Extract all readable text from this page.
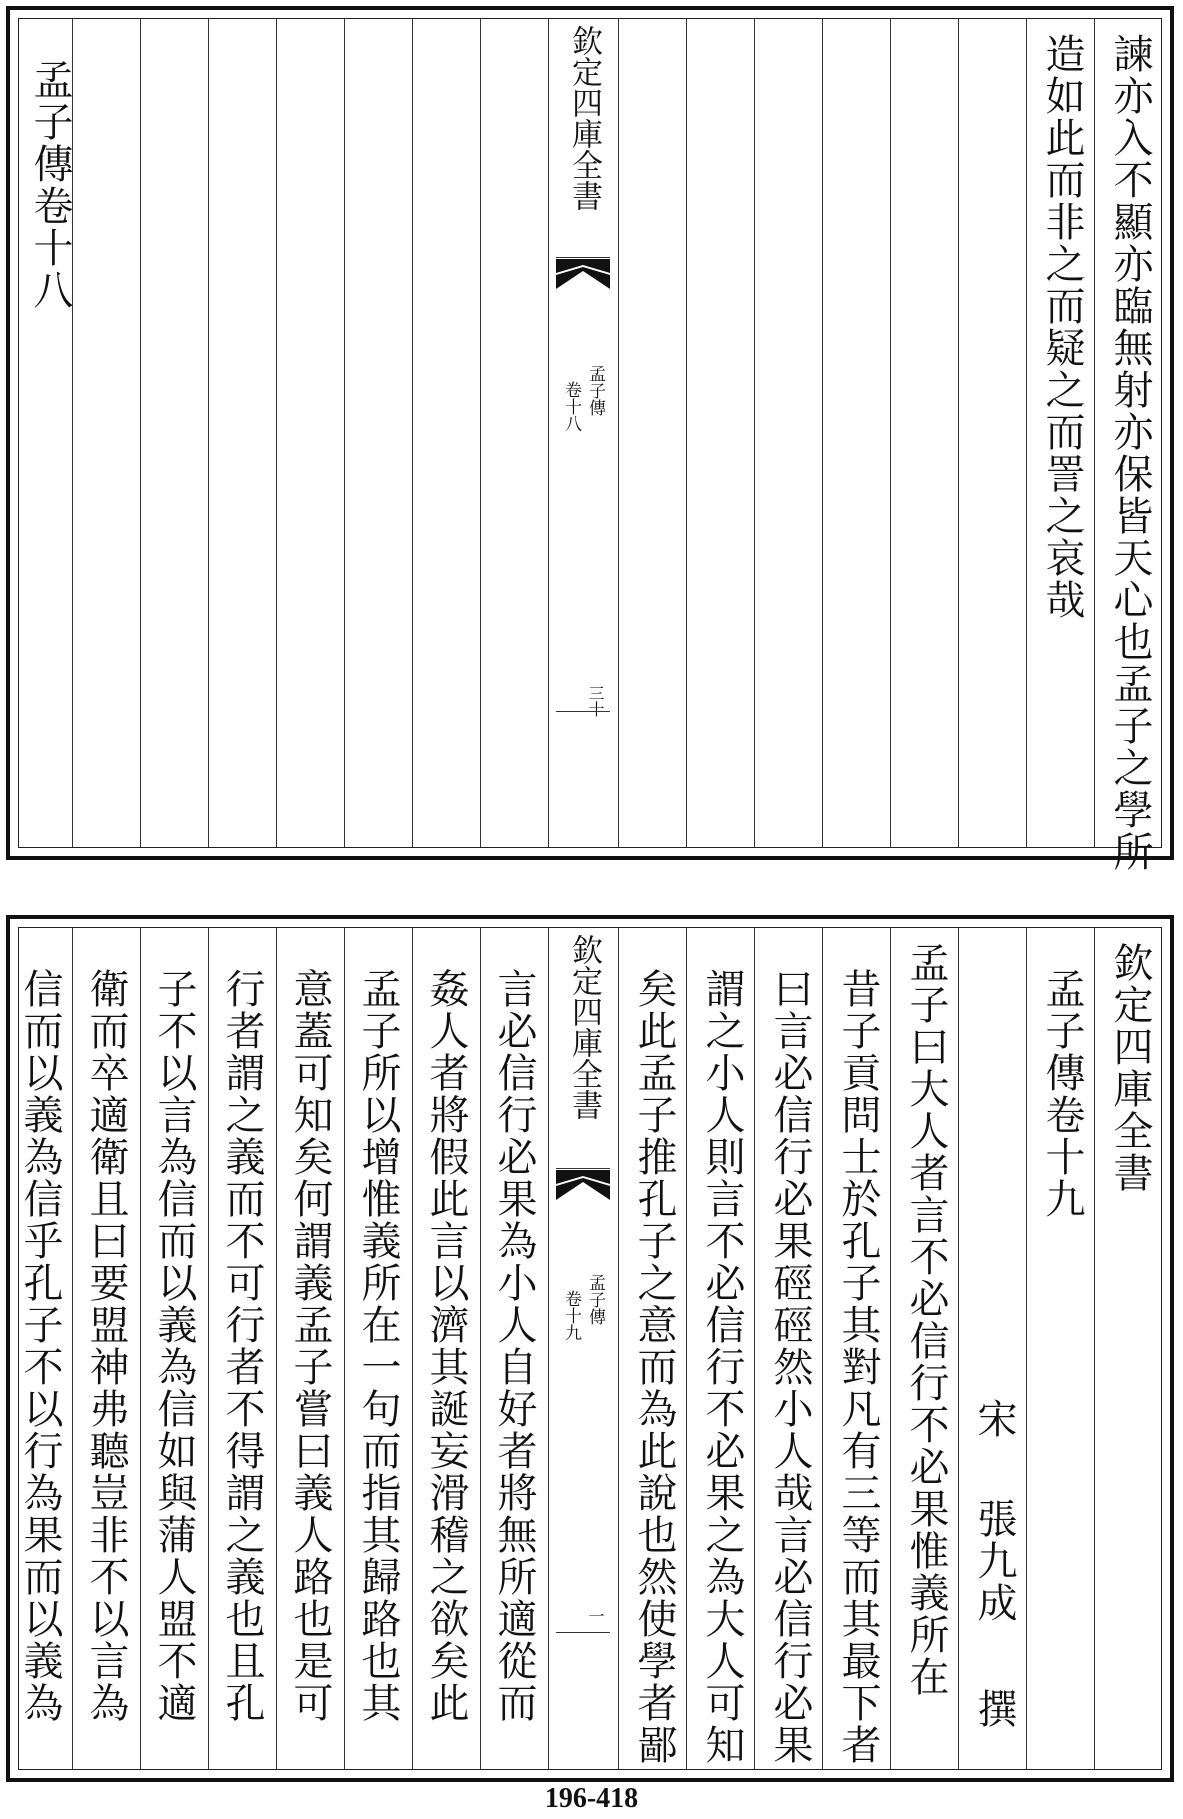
諫亦入不顯亦臨無射亦保皆天心也孟子之學所
造如此而非之而疑之而詈之哀哉
欽定四庫全書
孟子傳
卷十八
三十
孟子傳卷十八
欽定四庫全書
孟子傳卷十九
宋
張九成
撰
孟子曰大人者言不必信行不必果惟義所在
昔子貢問士於孔子其對凡有三等而其最下者
曰言必信行必果硜硜然小人哉言必信行必果
謂之小人則言不必信行不必果之為大人可知
矣此孟子推孔子之意而為此說也然使學者鄙
欽定四庫全書
孟子傳
卷十九
一
言必信行必果為小人自好者將無所適從而
姦人者將假此言以濟其誕妄滑稽之欲矣此
孟子所以增惟義所在一句而指其歸路也其
意蓋可知矣何謂義孟子嘗曰義人路也是可
行者謂之義而不可行者不得謂之義也且孔
子不以言為信而以義為信如與蒲人盟不適
衛而卒適衛且曰要盟神弗聽豈非不以言為
信而以義為信乎孔子不以行為果而以義為
196-418
